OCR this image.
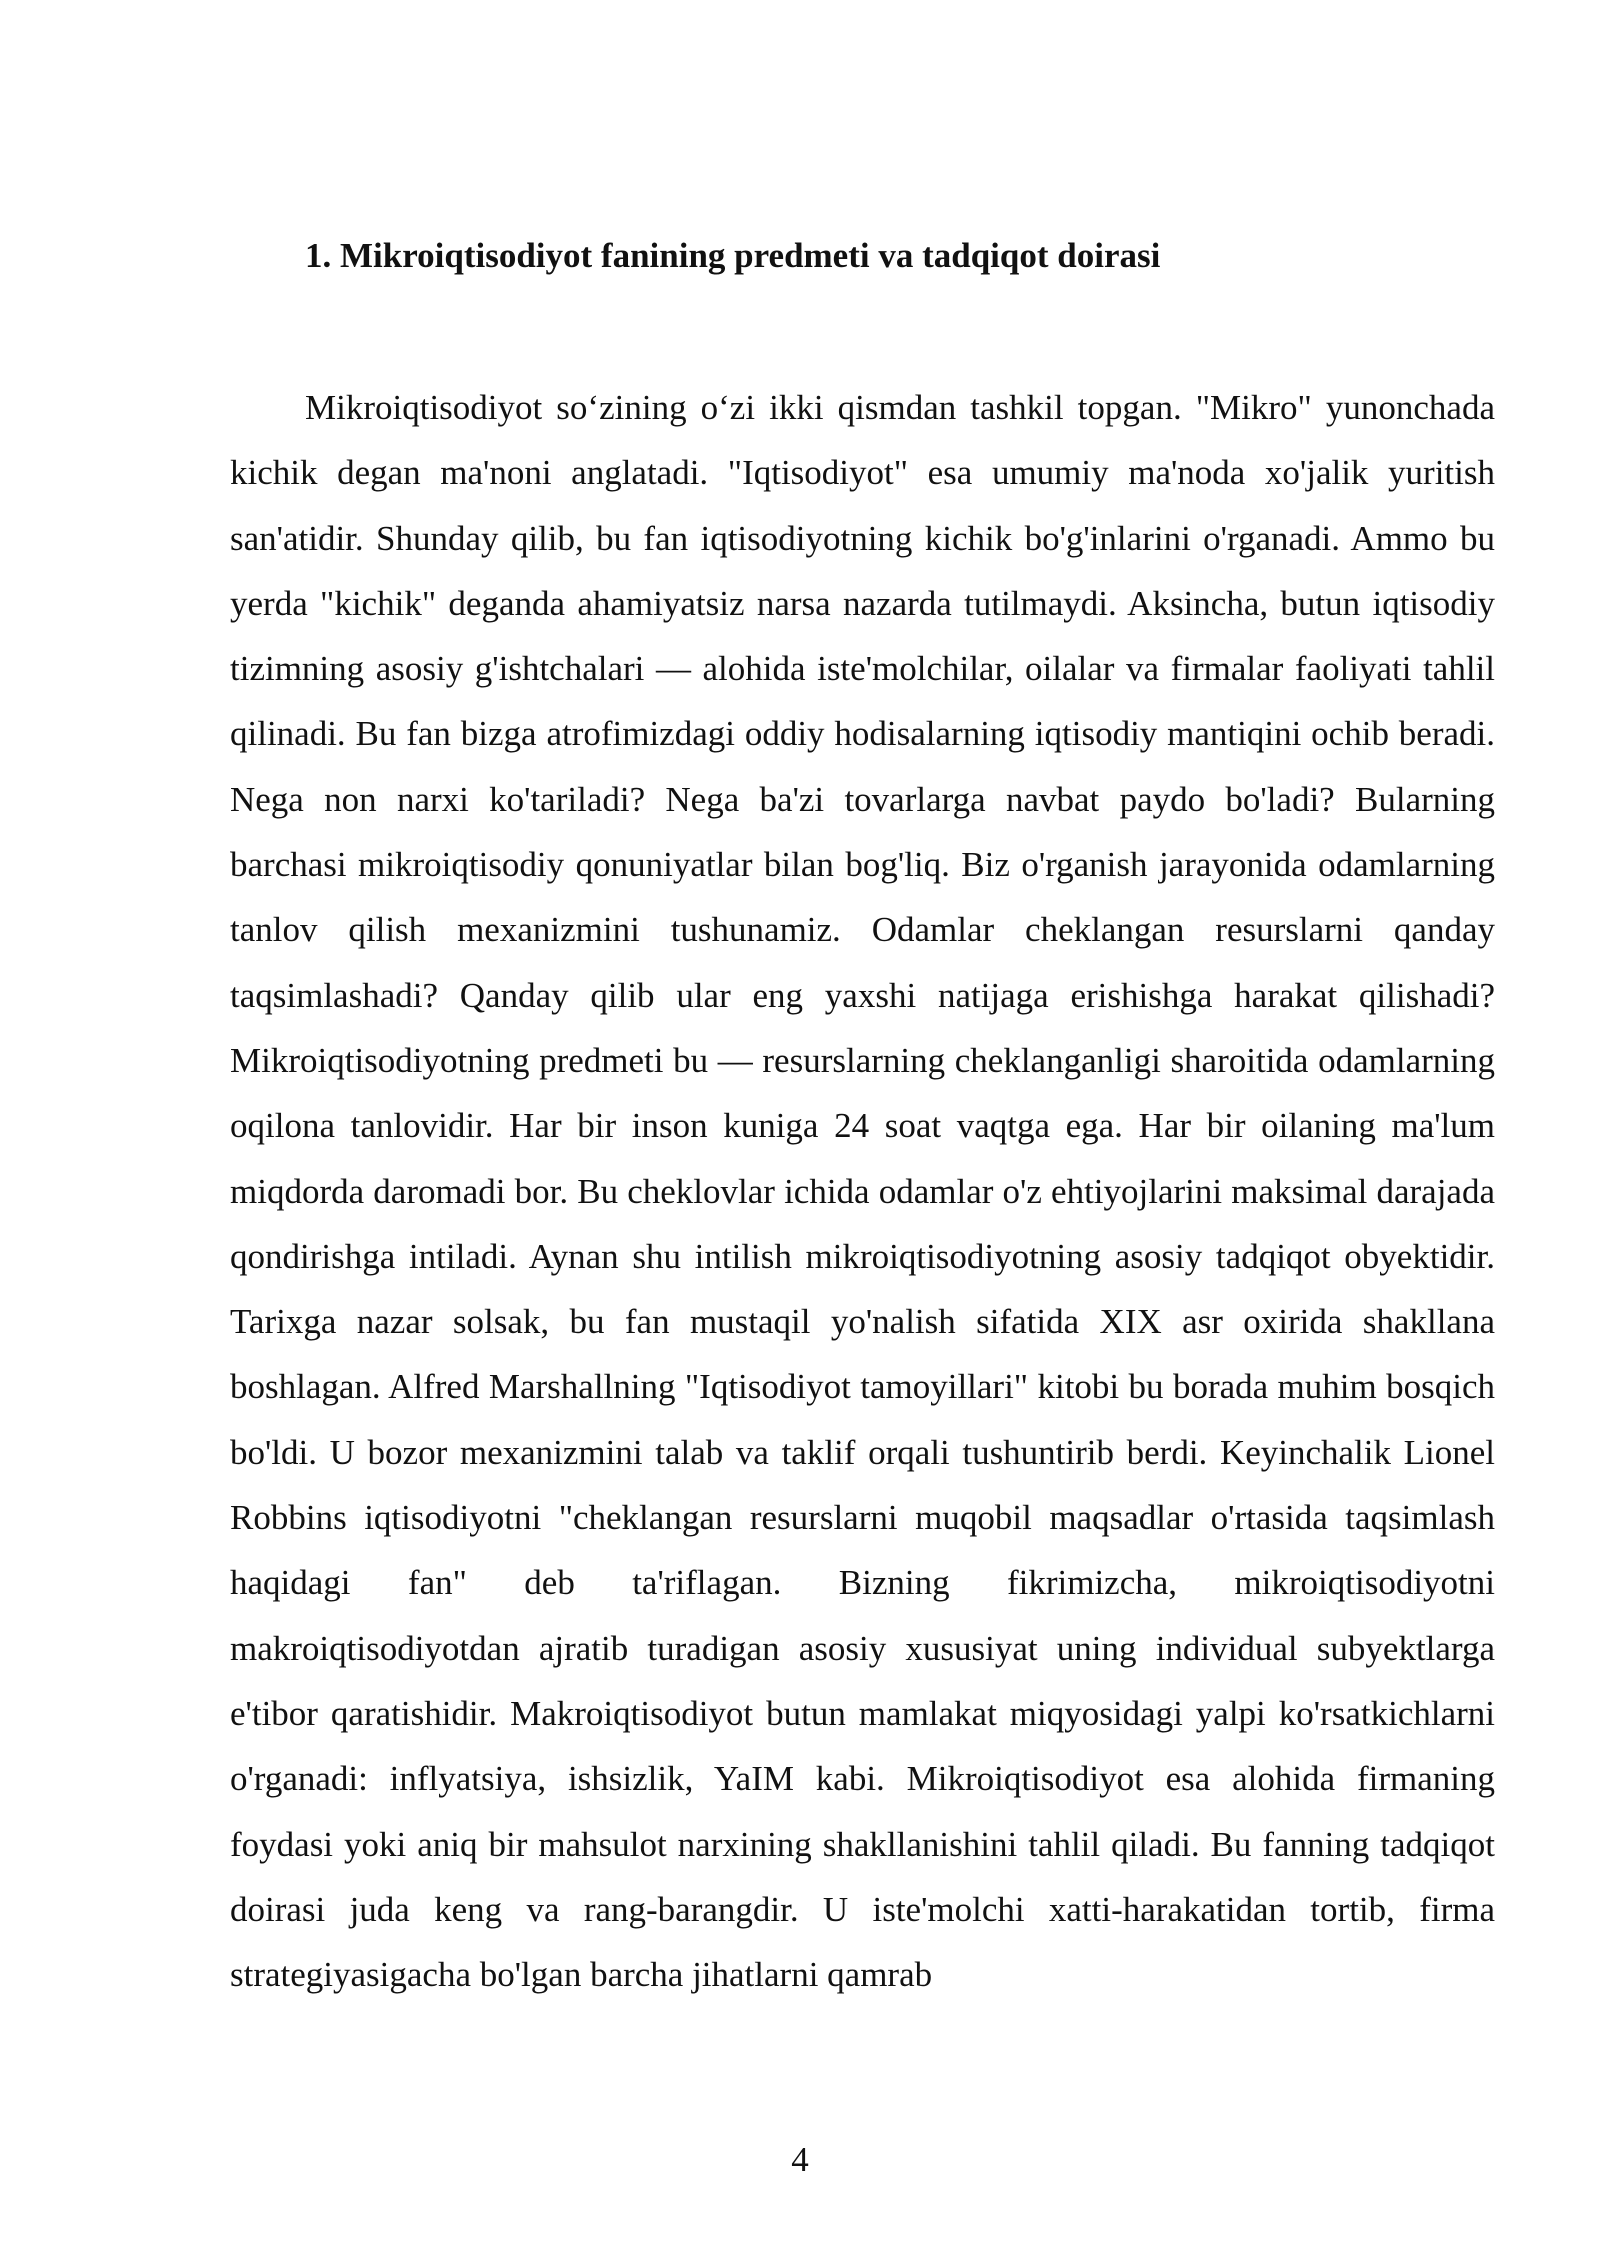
1. Mikroiqtisodiyot fanining predmeti va tadqiqot doirasi

Mikroiqtisodiyot so‘zining o‘zi ikki qismdan tashkil topgan. "Mikro" yunonchada kichik degan ma'noni anglatadi. "Iqtisodiyot" esa umumiy ma'noda xo'jalik yuritish san'atidir. Shunday qilib, bu fan iqtisodiyotning kichik bo'g'inlarini o'rganadi. Ammo bu yerda "kichik" deganda ahamiyatsiz narsa nazarda tutilmaydi. Aksincha, butun iqtisodiy tizimning asosiy g'ishtchalari — alohida iste'molchilar, oilalar va firmalar faoliyati tahlil qilinadi. Bu fan bizga atrofimizdagi oddiy hodisalarning iqtisodiy mantiqini ochib beradi. Nega non narxi ko'tariladi? Nega ba'zi tovarlarga navbat paydo bo'ladi? Bularning barchasi mikroiqtisodiy qonuniyatlar bilan bog'liq. Biz o'rganish jarayonida odamlarning tanlov qilish mexanizmini tushunamiz. Odamlar cheklangan resurslarni qanday taqsimlashadi? Qanday qilib ular eng yaxshi natijaga erishishga harakat qilishadi? Mikroiqtisodiyotning predmeti bu — resurslarning cheklanganligi sharoitida odamlarning oqilona tanlovidir. Har bir inson kuniga 24 soat vaqtga ega. Har bir oilaning ma'lum miqdorda daromadi bor. Bu cheklovlar ichida odamlar o'z ehtiyojlarini maksimal darajada qondirishga intiladi. Aynan shu intilish mikroiqtisodiyotning asosiy tadqiqot obyektidir. Tarixga nazar solsak, bu fan mustaqil yo'nalish sifatida XIX asr oxirida shakllana boshlagan. Alfred Marshallning "Iqtisodiyot tamoyillari" kitobi bu borada muhim bosqich bo'ldi. U bozor mexanizmini talab va taklif orqali tushuntirib berdi. Keyinchalik Lionel Robbins iqtisodiyotni "cheklangan resurslarni muqobil maqsadlar o'rtasida taqsimlash haqidagi fan" deb ta'riflagan. Bizning fikrimizcha, mikroiqtisodiyotni makroiqtisodiyotdan ajratib turadigan asosiy xususiyat uning individual subyektlarga e'tibor qaratishidir. Makroiqtisodiyot butun mamlakat miqyosidagi yalpi ko'rsatkichlarni o'rganadi: inflyatsiya, ishsizlik, YaIM kabi. Mikroiqtisodiyot esa alohida firmaning foydasi yoki aniq bir mahsulot narxining shakllanishini tahlil qiladi. Bu fanning tadqiqot doirasi juda keng va rang-barangdir. U iste'molchi xatti-harakatidan tortib, firma strategiyasigacha bo'lgan barcha jihatlarni qamrab

4
